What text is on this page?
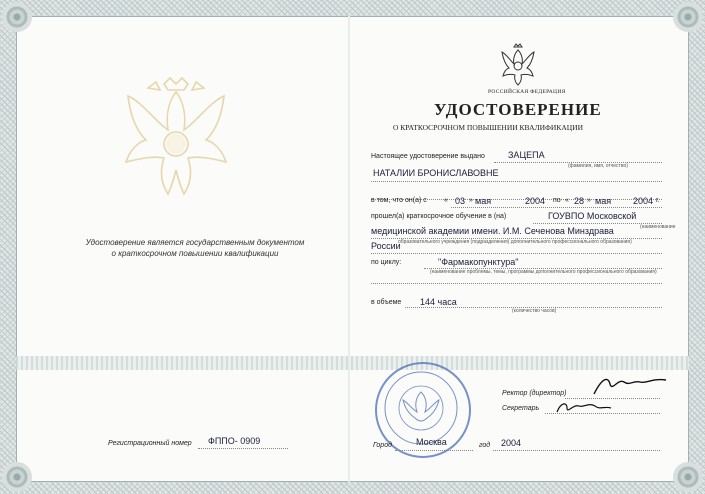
Удостоверение является государственным документом
о краткосрочном повышении квалификации
Регистрационный номер ФППО- 0909
РОССИЙСКАЯ ФЕДЕРАЦИЯ
УДОСТОВЕРЕНИЕ
О КРАТКОСРОЧНОМ ПОВЫШЕНИИ КВАЛИФИКАЦИИ
Настоящее удостоверение выдано	ЗАЦЕПА
(фамилия, имя, отчество)
НАТАЛИИ БРОНИСЛАВОВНЕ
в том, что он(а) с « 03 » мая	2004 по « 28 » мая 2004 г.
прошел(а) краткосрочное обучение в (на)	ГОУВПО Московской
(наименование
медицинской академии имени. И.М. Сеченова Минздрава
образовательного учреждения (подразделения) дополнительного профессионального образования)
России
по циклу:	"Фармакопунктура"
(наименование проблемы, темы, программы дополнительного профессионального образования)
в объеме 144 часа
(количество часов)
Ректор (директор)
Секретарь
Город	Москва	год 2004
